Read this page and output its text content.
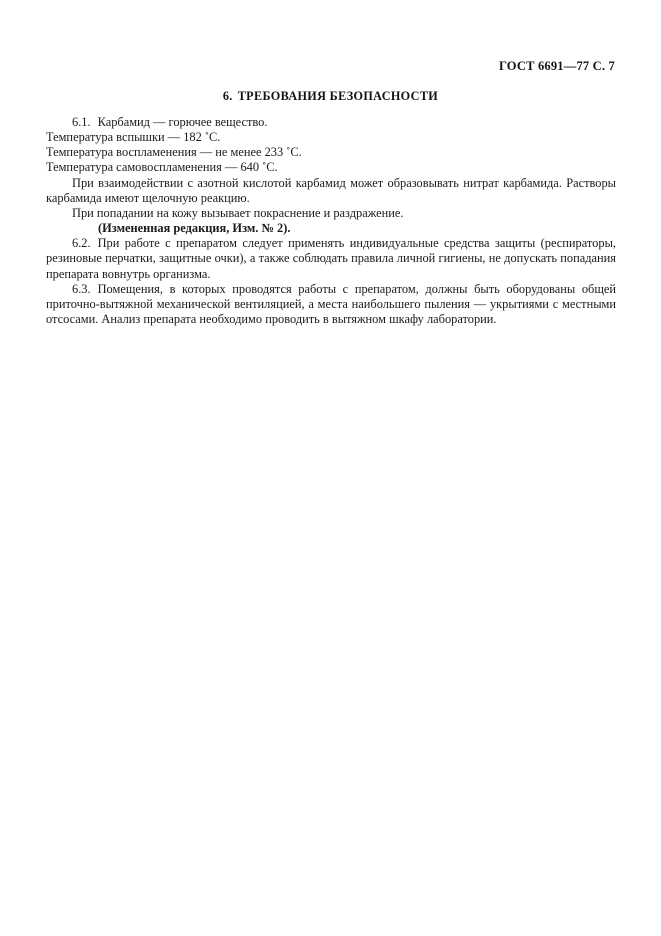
ГОСТ 6691—77 С. 7
6. ТРЕБОВАНИЯ БЕЗОПАСНОСТИ

6.1. Карбамид — горючее вещество.

Температура вспышки — 182 ˚С.

Температура воспламенения — не менее 233 ˚С.

Температура самовоспламенения — 640 ˚С.

При взаимодействии с азотной кислотой карбамид может образовывать нитрат карбамида. Растворы карбамида имеют щелочную реакцию.

При попадании на кожу вызывает покраснение и раздражение.

(Измененная редакция, Изм. № 2).

6.2. При работе с препаратом следует применять индивидуальные средства защиты (респираторы, резиновые перчатки, защитные очки), а также соблюдать правила личной гигиены, не допускать попадания препарата вовнутрь организма.

6.3. Помещения, в которых проводятся работы с препаратом, должны быть оборудованы общей приточно-вытяжной механической вентиляцией, а места наибольшего пыления — укрытиями с местными отсосами. Анализ препарата необходимо проводить в вытяжном шкафу лаборатории.
